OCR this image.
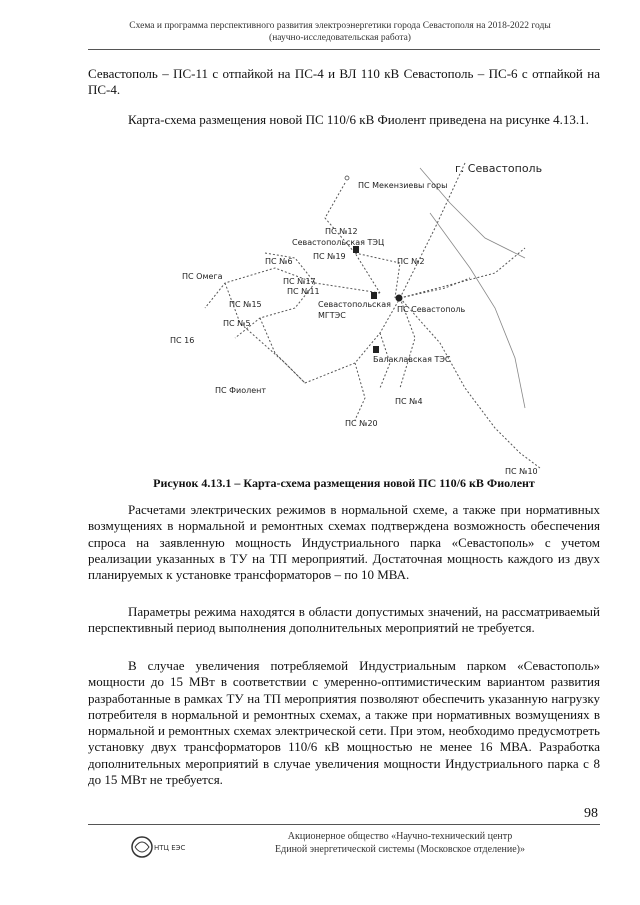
Схема и программа перспективного развития электроэнергетики города Севастополя на 2018-2022 годы
(научно-исследовательская работа)

Севастополь – ПС-11 с отпайкой на ПС-4 и ВЛ 110 кВ Севастополь – ПС-6 с отпайкой на ПС-4.

Карта-схема размещения новой ПС 110/6 кВ Фиолент приведена на рисунке 4.13.1.

г. Севастополь
ПС Мекензиевы горы
ПС №12
Севастопольская ТЭЦ
ПС №19
ПС №2
ПС №6
ПС Омега
ПС №17
ПС №11
ПС №15	Севастопольская
МГТЭС
ПС Севастополь
ПС №5
ПС 16
Балаклавская ТЭС
ПС Фиолент
ПС №4
ПС №20
ПС №10
Рисунок 4.13.1 – Карта-схема размещения новой ПС 110/6 кВ Фиолент

Расчетами электрических режимов в нормальной схеме, а также при нормативных возмущениях в нормальной и ремонтных схемах подтверждена возможность обеспечения спроса на заявленную мощность Индустриального парка «Севастополь» с учетом реализации указанных в ТУ на ТП мероприятий. Достаточная мощность каждого из двух планируемых к установке трансформаторов – по 10 МВА.

Параметры режима находятся в области допустимых значений, на рассматриваемый перспективный период выполнения дополнительных мероприятий не требуется.

В случае увеличения потребляемой Индустриальным парком «Севастополь» мощности до 15 МВт в соответствии с умеренно-оптимистическим вариантом развития разработанные в рамках ТУ на ТП мероприятия позволяют обеспечить указанную нагрузку потребителя в нормальной и ремонтных схемах, а также при нормативных возмущениях в нормальной и ремонтных схемах электрической сети. При этом, необходимо предусмотреть установку двух трансформаторов 110/6 кВ мощностью не менее 16 МВА. Разработка дополнительных мероприятий в случае увеличения мощности Индустриального парка с 8 до 15 МВт не требуется.

98
НТЦ ЕЭС
Акционерное общество «Научно-технический центр
Единой энергетической системы (Московское отделение)»
